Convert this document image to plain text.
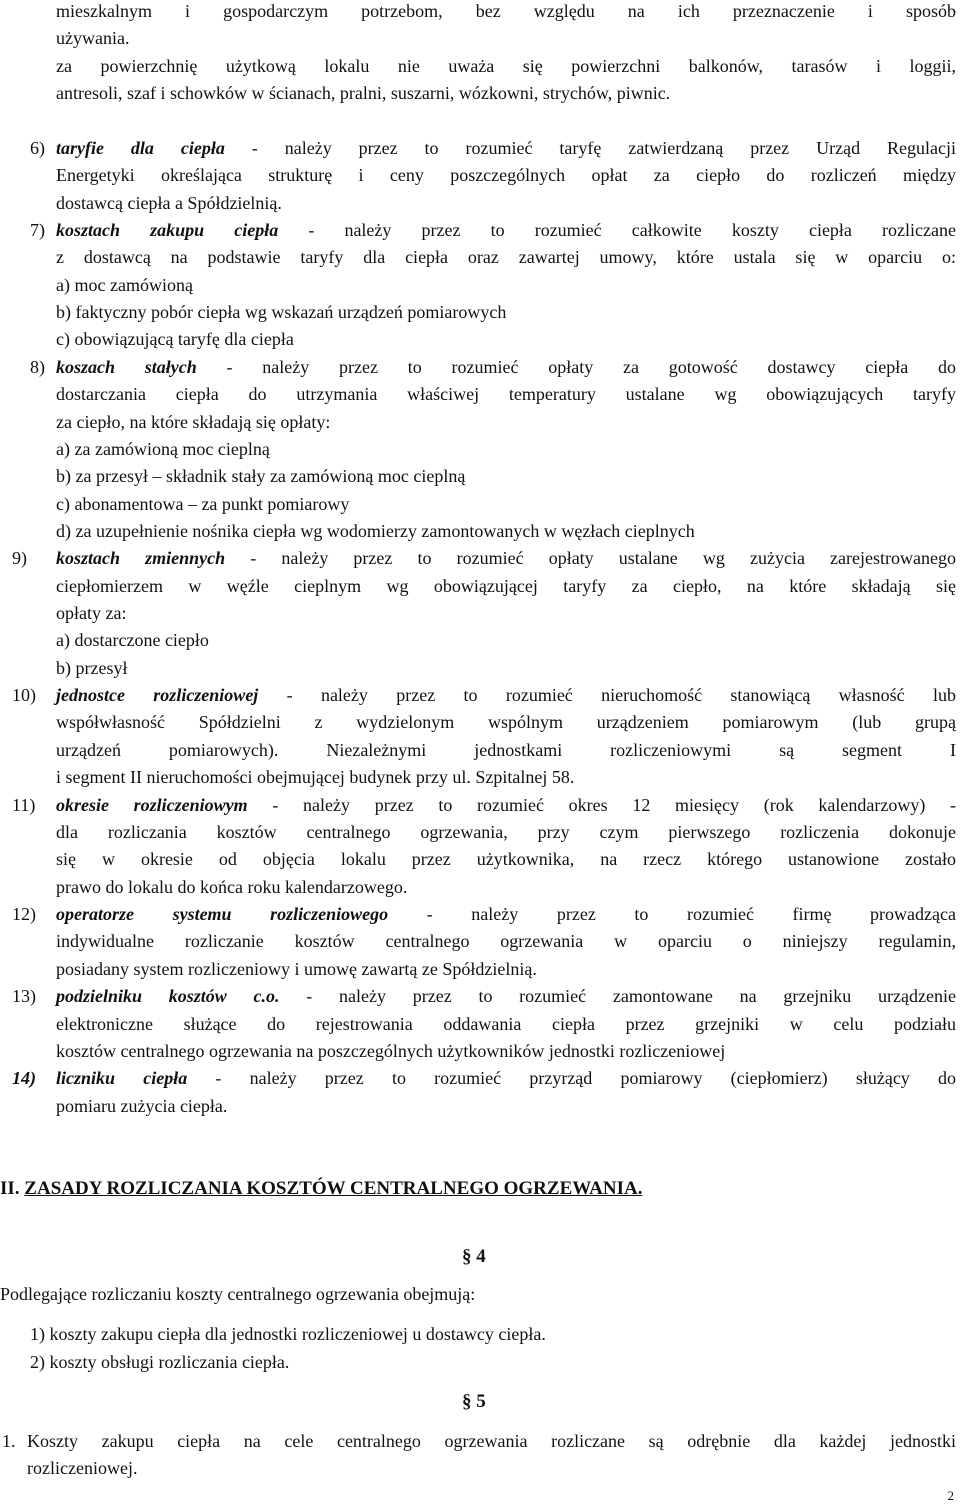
mieszkalnym i gospodarczym potrzebom, bez względu na ich przeznaczenie i sposób
używania.
za powierzchnię użytkową lokalu nie uważa się powierzchni balkonów, tarasów i loggii,
antresoli, szaf i schowków w ścianach, pralni, suszarni, wózkowni, strychów, piwnic.
6) taryfie dla ciepła - należy przez to rozumieć taryfę zatwierdzaną przez Urząd Regulacji
Energetyki określająca strukturę i ceny poszczególnych opłat za ciepło do rozliczeń między
dostawcą ciepła a Spółdzielnią.
7) kosztach zakupu ciepła - należy przez to rozumieć całkowite koszty ciepła rozliczane
z dostawcą na podstawie taryfy dla ciepła oraz zawartej umowy, które ustala się w oparciu o:
a) moc zamówioną
b) faktyczny pobór ciepła wg wskazań urządzeń pomiarowych
c) obowiązującą taryfę dla ciepła
8) koszach stałych - należy przez to rozumieć opłaty za gotowość dostawcy ciepła do
dostarczania ciepła do utrzymania właściwej temperatury ustalane wg obowiązujących taryfy
za ciepło, na które składają się opłaty:
a) za zamówioną moc cieplną
b) za przesył – składnik stały za zamówioną moc cieplną
c) abonamentowa – za punkt pomiarowy
d) za uzupełnienie nośnika ciepła wg wodomierzy zamontowanych w węzłach cieplnych
9) kosztach zmiennych - należy przez to rozumieć opłaty ustalane wg zużycia zarejestrowanego
ciepłomierzem w węźle cieplnym wg obowiązującej taryfy za ciepło, na które składają się
opłaty za:
a) dostarczone ciepło
b) przesył
10) jednostce rozliczeniowej - należy przez to rozumieć nieruchomość stanowiącą własność lub
współwłasność Spółdzielni z wydzielonym wspólnym urządzeniem pomiarowym (lub grupą
urządzeń pomiarowych). Niezależnymi jednostkami rozliczeniowymi są segment I
i segment II nieruchomości obejmującej budynek przy ul. Szpitalnej 58.
11) okresie rozliczeniowym - należy przez to rozumieć okres 12 miesięcy (rok kalendarzowy) -
dla rozliczania kosztów centralnego ogrzewania, przy czym pierwszego rozliczenia dokonuje
się w okresie od objęcia lokalu przez użytkownika, na rzecz którego ustanowione zostało
prawo do lokalu do końca roku kalendarzowego.
12) operatorze systemu rozliczeniowego - należy przez to rozumieć firmę prowadząca
indywidualne rozliczanie kosztów centralnego ogrzewania w oparciu o niniejszy regulamin,
posiadany system rozliczeniowy i umowę zawartą ze Spółdzielnią.
13) podzielniku kosztów c.o. - należy przez to rozumieć zamontowane na grzejniku urządzenie
elektroniczne służące do rejestrowania oddawania ciepła przez grzejniki w celu podziału
kosztów centralnego ogrzewania na poszczególnych użytkowników jednostki rozliczeniowej
14) liczniku ciepła - należy przez to rozumieć przyrząd pomiarowy (ciepłomierz) służący do
pomiaru zużycia ciepła.
II. ZASADY ROZLICZANIA KOSZTÓW CENTRALNEGO OGRZEWANIA.
§ 4
Podlegające rozliczaniu koszty centralnego ogrzewania obejmują:
1) koszty zakupu ciepła dla jednostki rozliczeniowej u dostawcy ciepła.
2) koszty obsługi rozliczania ciepła.
§ 5
1. Koszty zakupu ciepła na cele centralnego ogrzewania rozliczane są odrębnie dla każdej jednostki
rozliczeniowej.
2
